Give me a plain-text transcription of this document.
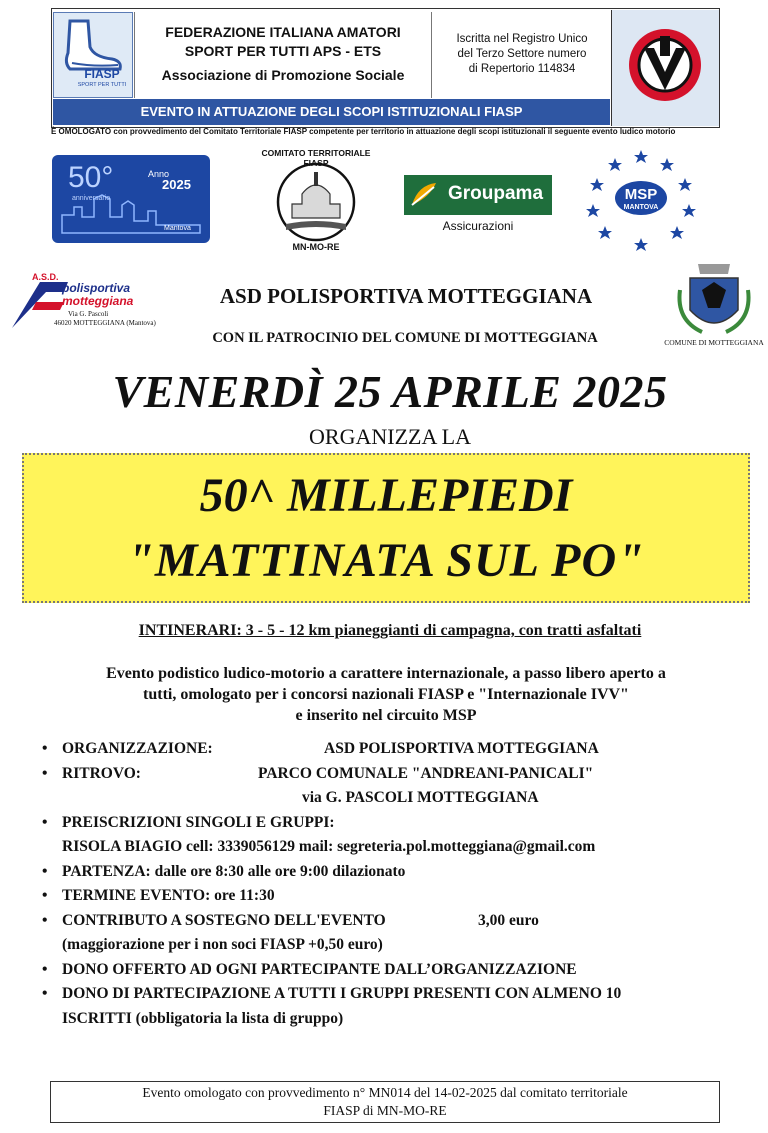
FIASP
SPORT PER TUTTI
FEDERAZIONE ITALIANA AMATORI
SPORT PER TUTTI APS - ETS
Associazione di Promozione Sociale
Iscritta nel Registro Unico
del Terzo Settore numero
di Repertorio 114834
EVENTO IN ATTUAZIONE DEGLI SCOPI ISTITUZIONALI FIASP
È OMOLOGATO con provvedimento del Comitato Territoriale FIASP competente per territorio in attuazione degli scopi istituzionali il seguente evento ludico motorio
50°
anniversario
Anno
2025
Mantova
COMITATO TERRITORIALE FIASP
MN-MO-RE
Groupama
Assicurazioni
MSP
MANTOVA
A.S.D.
polisportiva
motteggiana
Via G. Pascoli
46020 MOTTEGGIANA (Mantova)
ASD POLISPORTIVA MOTTEGGIANA
CON IL PATROCINIO DEL COMUNE DI MOTTEGGIANA	COMUNE DI MOTTEGGIANA
VENERDÌ 25 APRILE 2025
ORGANIZZA LA
50^ MILLEPIEDI
"MATTINATA SUL PO"
INTINERARI: 3 - 5 - 12 km pianeggianti di campagna, con tratti asfaltati
Evento podistico ludico-motorio a carattere internazionale, a passo libero aperto a
tutti, omologato per i concorsi nazionali FIASP e "Internazionale IVV"
e inserito nel circuito MSP
• ORGANIZZAZIONE:	ASD POLISPORTIVA MOTTEGGIANA
• RITROVO:	PARCO COMUNALE "ANDREANI-PANICALI"
via G. PASCOLI MOTTEGGIANA

• PREISCRIZIONI SINGOLI E GRUPPI:
RISOLA BIAGIO cell: 3339056129 mail: segreteria.pol.motteggiana@gmail.com
• PARTENZA: dalle ore 8:30 alle ore 9:00 dilazionato
• TERMINE EVENTO: ore 11:30
• CONTRIBUTO A SOSTEGNO DELL'EVENTO	3,00 euro
(maggiorazione per i non soci FIASP +0,50 euro)
• DONO OFFERTO AD OGNI PARTECIPANTE DALL’ORGANIZZAZIONE
• DONO DI PARTECIPAZIONE A TUTTI I GRUPPI PRESENTI CON ALMENO 10
ISCRITTI (obbligatoria la lista di gruppo)
Evento omologato con provvedimento n° MN014 del 14-02-2025 dal comitato territoriale
FIASP di MN-MO-RE
